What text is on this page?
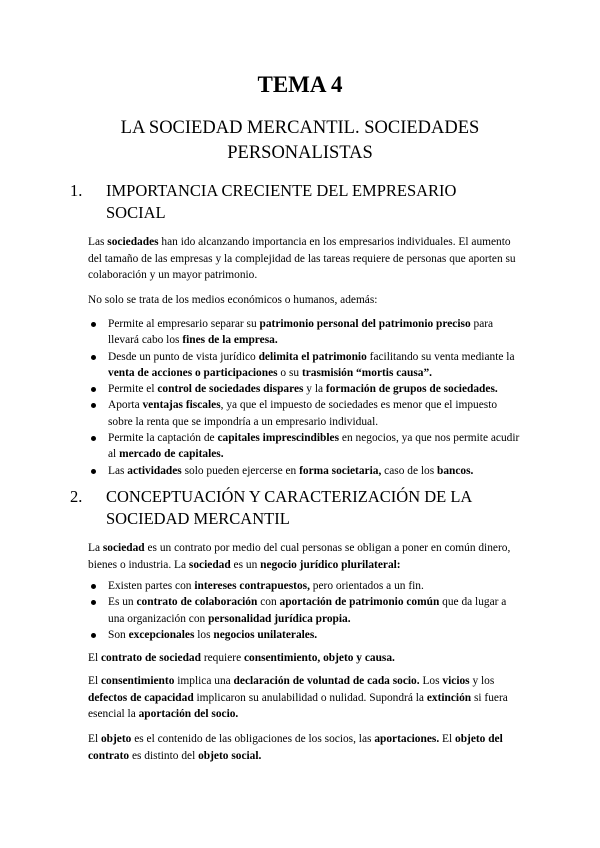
TEMA 4
LA SOCIEDAD MERCANTIL. SOCIEDADES PERSONALISTAS
1.	IMPORTANCIA CRECIENTE DEL EMPRESARIO SOCIAL

Las sociedades han ido alcanzando importancia en los empresarios individuales. El aumento del tamaño de las empresas y la complejidad de las tareas requiere de personas que aporten su colaboración y un mayor patrimonio.

No solo se trata de los medios económicos o humanos, además:

Permite al empresario separar su patrimonio personal del patrimonio preciso para llevará cabo los fines de la empresa.
Desde un punto de vista jurídico delimita el patrimonio facilitando su venta mediante la venta de acciones o participaciones o su trasmisión “mortis causa”.
Permite el control de sociedades dispares y la formación de grupos de sociedades.
Aporta ventajas fiscales, ya que el impuesto de sociedades es menor que el impuesto sobre la renta que se impondría a un empresario individual.
Permite la captación de capitales imprescindibles en negocios, ya que nos permite acudir al mercado de capitales.
Las actividades solo pueden ejercerse en forma societaria, caso de los bancos.
2.	CONCEPTUACIÓN Y CARACTERIZACIÓN DE LA SOCIEDAD MERCANTIL

La sociedad es un contrato por medio del cual personas se obligan a poner en común dinero, bienes o industria. La sociedad es un negocio jurídico plurilateral:

Existen partes con intereses contrapuestos, pero orientados a un fin.
Es un contrato de colaboración con aportación de patrimonio común que da lugar a una organización con personalidad jurídica propia.
Son excepcionales los negocios unilaterales.

El contrato de sociedad requiere consentimiento, objeto y causa.

El consentimiento implica una declaración de voluntad de cada socio. Los vicios y los defectos de capacidad implicaron su anulabilidad o nulidad. Supondrá la extinción si fuera esencial la aportación del socio.

El objeto es el contenido de las obligaciones de los socios, las aportaciones. El objeto del contrato es distinto del objeto social.
